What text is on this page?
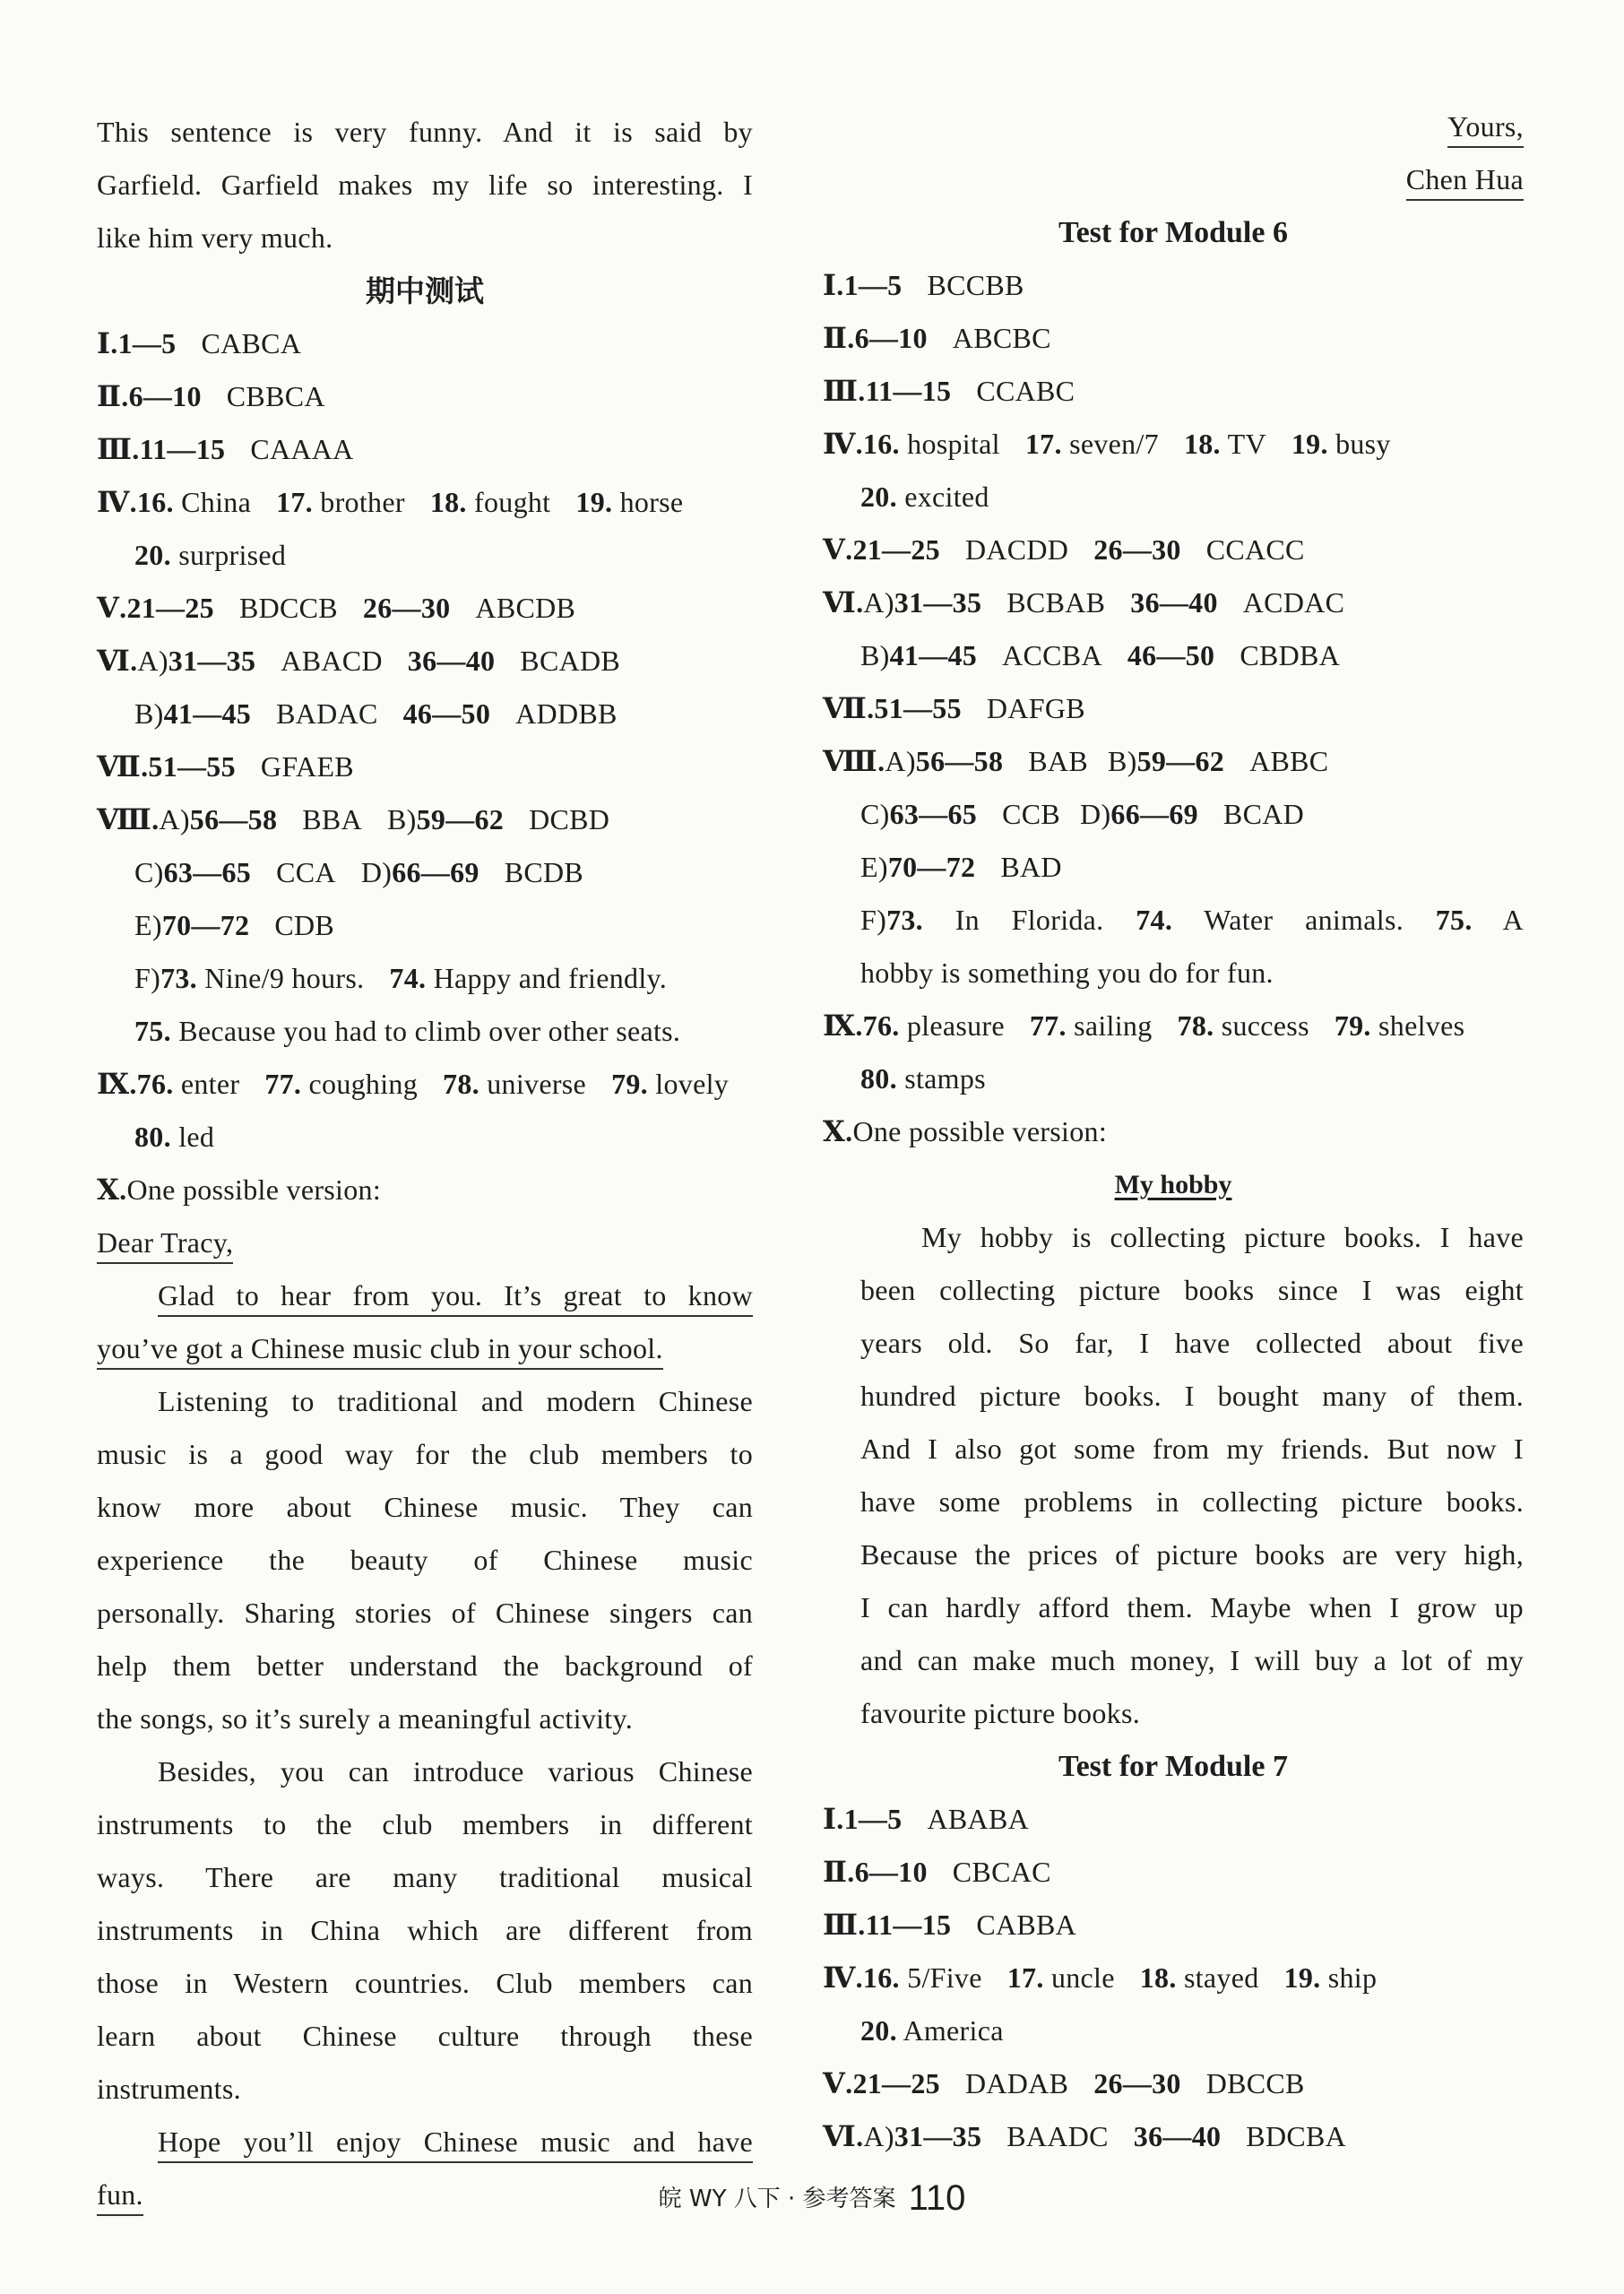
This sentence is very funny. And it is said by
Garfield. Garfield makes my life so interesting. I
like him very much.
期中测试
Ⅰ.1—5 CABCA
Ⅱ.6—10 CBBCA
Ⅲ.11—15 CAAAA
Ⅳ.16. China 17. brother 18. fought 19. horse
20. surprised
Ⅴ.21—25 BDCCB 26—30 ABCDB
Ⅵ.A)31—35 ABACD 36—40 BCADB
B)41—45 BADAC 46—50 ADDBB
Ⅶ.51—55 GFAEB
Ⅷ.A)56—58 BBA B)59—62 DCBD
C)63—65 CCA D)66—69 BCDB
E)70—72 CDB
F)73. Nine/9 hours. 74. Happy and friendly.
75. Because you had to climb over other seats.
Ⅸ.76. enter 77. coughing 78. universe 79. lovely
80. led
Ⅹ.One possible version:
Dear Tracy,
Glad to hear from you. It’s great to know
you’ve got a Chinese music club in your school.
Listening to traditional and modern Chinese
music is a good way for the club members to
know more about Chinese music. They can
experience the beauty of Chinese music
personally. Sharing stories of Chinese singers can
help them better understand the background of
the songs, so it’s surely a meaningful activity.
Besides, you can introduce various Chinese
instruments to the club members in different
ways. There are many traditional musical
instruments in China which are different from
those in Western countries. Club members can
learn about Chinese culture through these
instruments.
Hope you’ll enjoy Chinese music and have
fun.
Yours,
Chen Hua
Test for Module 6
Ⅰ.1—5 BCCBB
Ⅱ.6—10 ABCBC
Ⅲ.11—15 CCABC
Ⅳ.16. hospital 17. seven/7 18. TV 19. busy
20. excited
Ⅴ.21—25 DACDD 26—30 CCACC
Ⅵ.A)31—35 BCBAB 36—40 ACDAC
B)41—45 ACCBA 46—50 CBDBA
Ⅶ.51—55 DAFGB
Ⅷ.A)56—58 BAB B)59—62 ABBC
C)63—65 CCB D)66—69 BCAD
E)70—72 BAD
F)73. In Florida. 74. Water animals. 75. A
hobby is something you do for fun.
Ⅸ.76. pleasure 77. sailing 78. success 79. shelves
80. stamps
Ⅹ.One possible version:
My hobby
My hobby is collecting picture books. I have
been collecting picture books since I was eight
years old. So far, I have collected about five
hundred picture books. I bought many of them.
And I also got some from my friends. But now I
have some problems in collecting picture books.
Because the prices of picture books are very high,
I can hardly afford them. Maybe when I grow up
and can make much money, I will buy a lot of my
favourite picture books.
Test for Module 7
Ⅰ.1—5 ABABA
Ⅱ.6—10 CBCAC
Ⅲ.11—15 CABBA
Ⅳ.16. 5/Five 17. uncle 18. stayed 19. ship
20. America
Ⅴ.21—25 DADAB 26—30 DBCCB
Ⅵ.A)31—35 BAADC 36—40 BDCBA
皖 WY 八下 · 参考答案 110
